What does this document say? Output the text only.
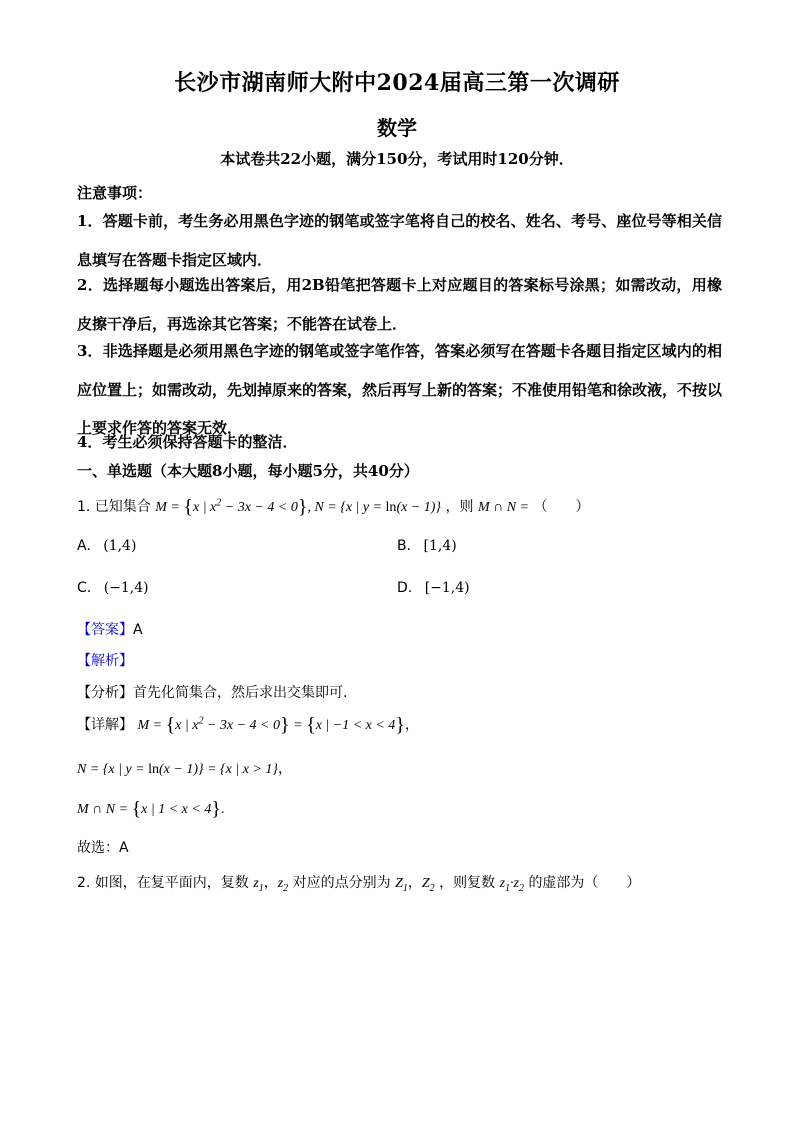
长沙市湖南师大附中2024届高三第一次调研
数学
本试卷共22小题，满分150分，考试用时120分钟．
注意事项：
1．答题卡前，考生务必用黑色字迹的钢笔或签字笔将自己的校名、姓名、考号、座位号等相关信息填写在答题卡指定区域内．
2．选择题每小题选出答案后，用2B铅笔把答题卡上对应题目的答案标号涂黑；如需改动，用橡皮擦干净后，再选涂其它答案；不能答在试卷上．
3．非选择题是必须用黑色字迹的钢笔或签字笔作答，答案必须写在答题卡各题目指定区域内的相应位置上；如需改动，先划掉原来的答案，然后再写上新的答案；不准使用铅笔和徐改液，不按以上要求作答的答案无效．
4．考生必须保持答题卡的整洁．
一、单选题（本大题8小题，每小题5分，共40分）
1. 已知集合 M = {x | $x^2 - 3x - 4 < 0$}, N = {x | y = ln(x − 1)} ，则 M ∩ N = （　　）
A. (1,4)	B. [1,4)
C. (−1,4)	D. [−1,4)
【答案】A
【解析】
【分析】首先化简集合，然后求出交集即可.
【详解】 M = {x | $x^2 - 3x - 4 < 0\} = \{x$ | −1 < x < 4}，
N = {x | y = ln(x − 1)} = {x | x > 1}，
M ∩ N = {x | 1 < x < 4}.
故选：A
2. 如图，在复平面内，复数 $z_1$，$z_2$ 对应的点分别为 $Z_1$，$Z_2$ ，则复数 $z_1\cdot z_2$ 的虚部为（　　）
